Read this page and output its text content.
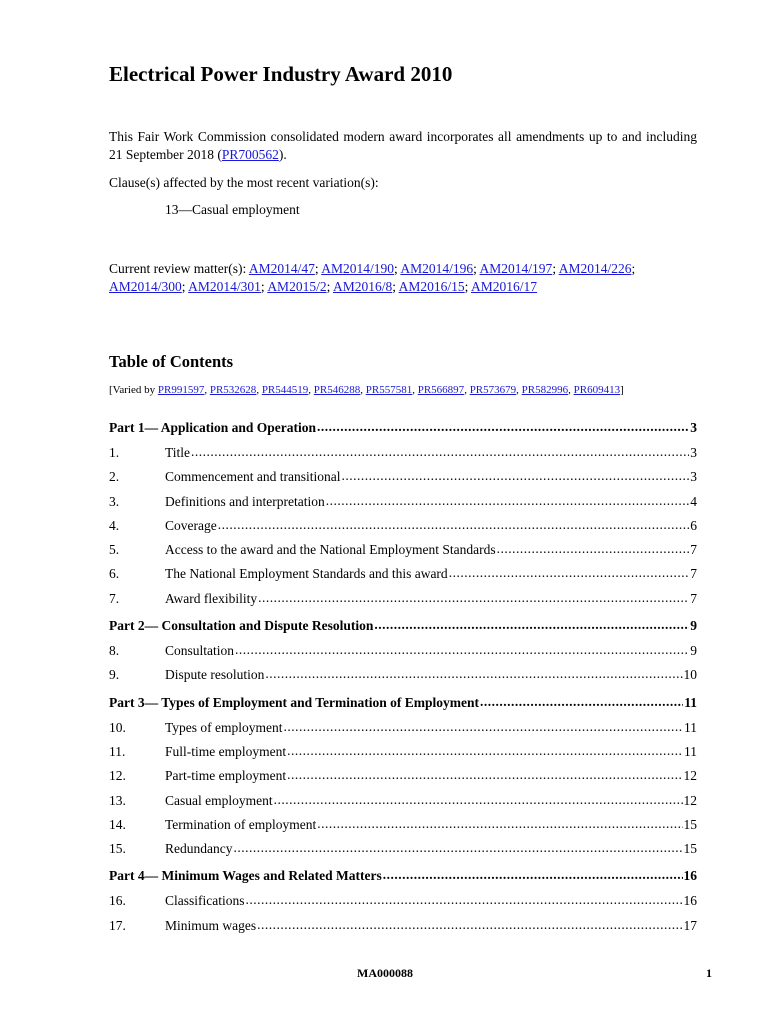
Electrical Power Industry Award 2010
This Fair Work Commission consolidated modern award incorporates all amendments up to and including 21 September 2018 (PR700562).
Clause(s) affected by the most recent variation(s):
13—Casual employment
Current review matter(s): AM2014/47; AM2014/190; AM2014/196; AM2014/197; AM2014/226; AM2014/300; AM2014/301; AM2015/2; AM2016/8; AM2016/15; AM2016/17
Table of Contents
[Varied by PR991597, PR532628, PR544519, PR546288, PR557581, PR566897, PR573679, PR582996, PR609413]
Part 1— Application and Operation .....	3
1.	Title .....	3
2.	Commencement and transitional .....	3
3.	Definitions and interpretation .....	4
4.	Coverage .....	6
5.	Access to the award and the National Employment Standards .....	7
6.	The National Employment Standards and this award .....	7
7.	Award flexibility .....	7
Part 2— Consultation and Dispute Resolution .....	9
8.	Consultation .....	9
9.	Dispute resolution .....	10
Part 3— Types of Employment and Termination of Employment .....	11
10.	Types of employment .....	11
11.	Full-time employment .....	11
12.	Part-time employment .....	12
13.	Casual employment .....	12
14.	Termination of employment .....	15
15.	Redundancy .....	15
Part 4— Minimum Wages and Related Matters .....	16
16.	Classifications .....	16
17.	Minimum wages .....	17
MA000088	1
